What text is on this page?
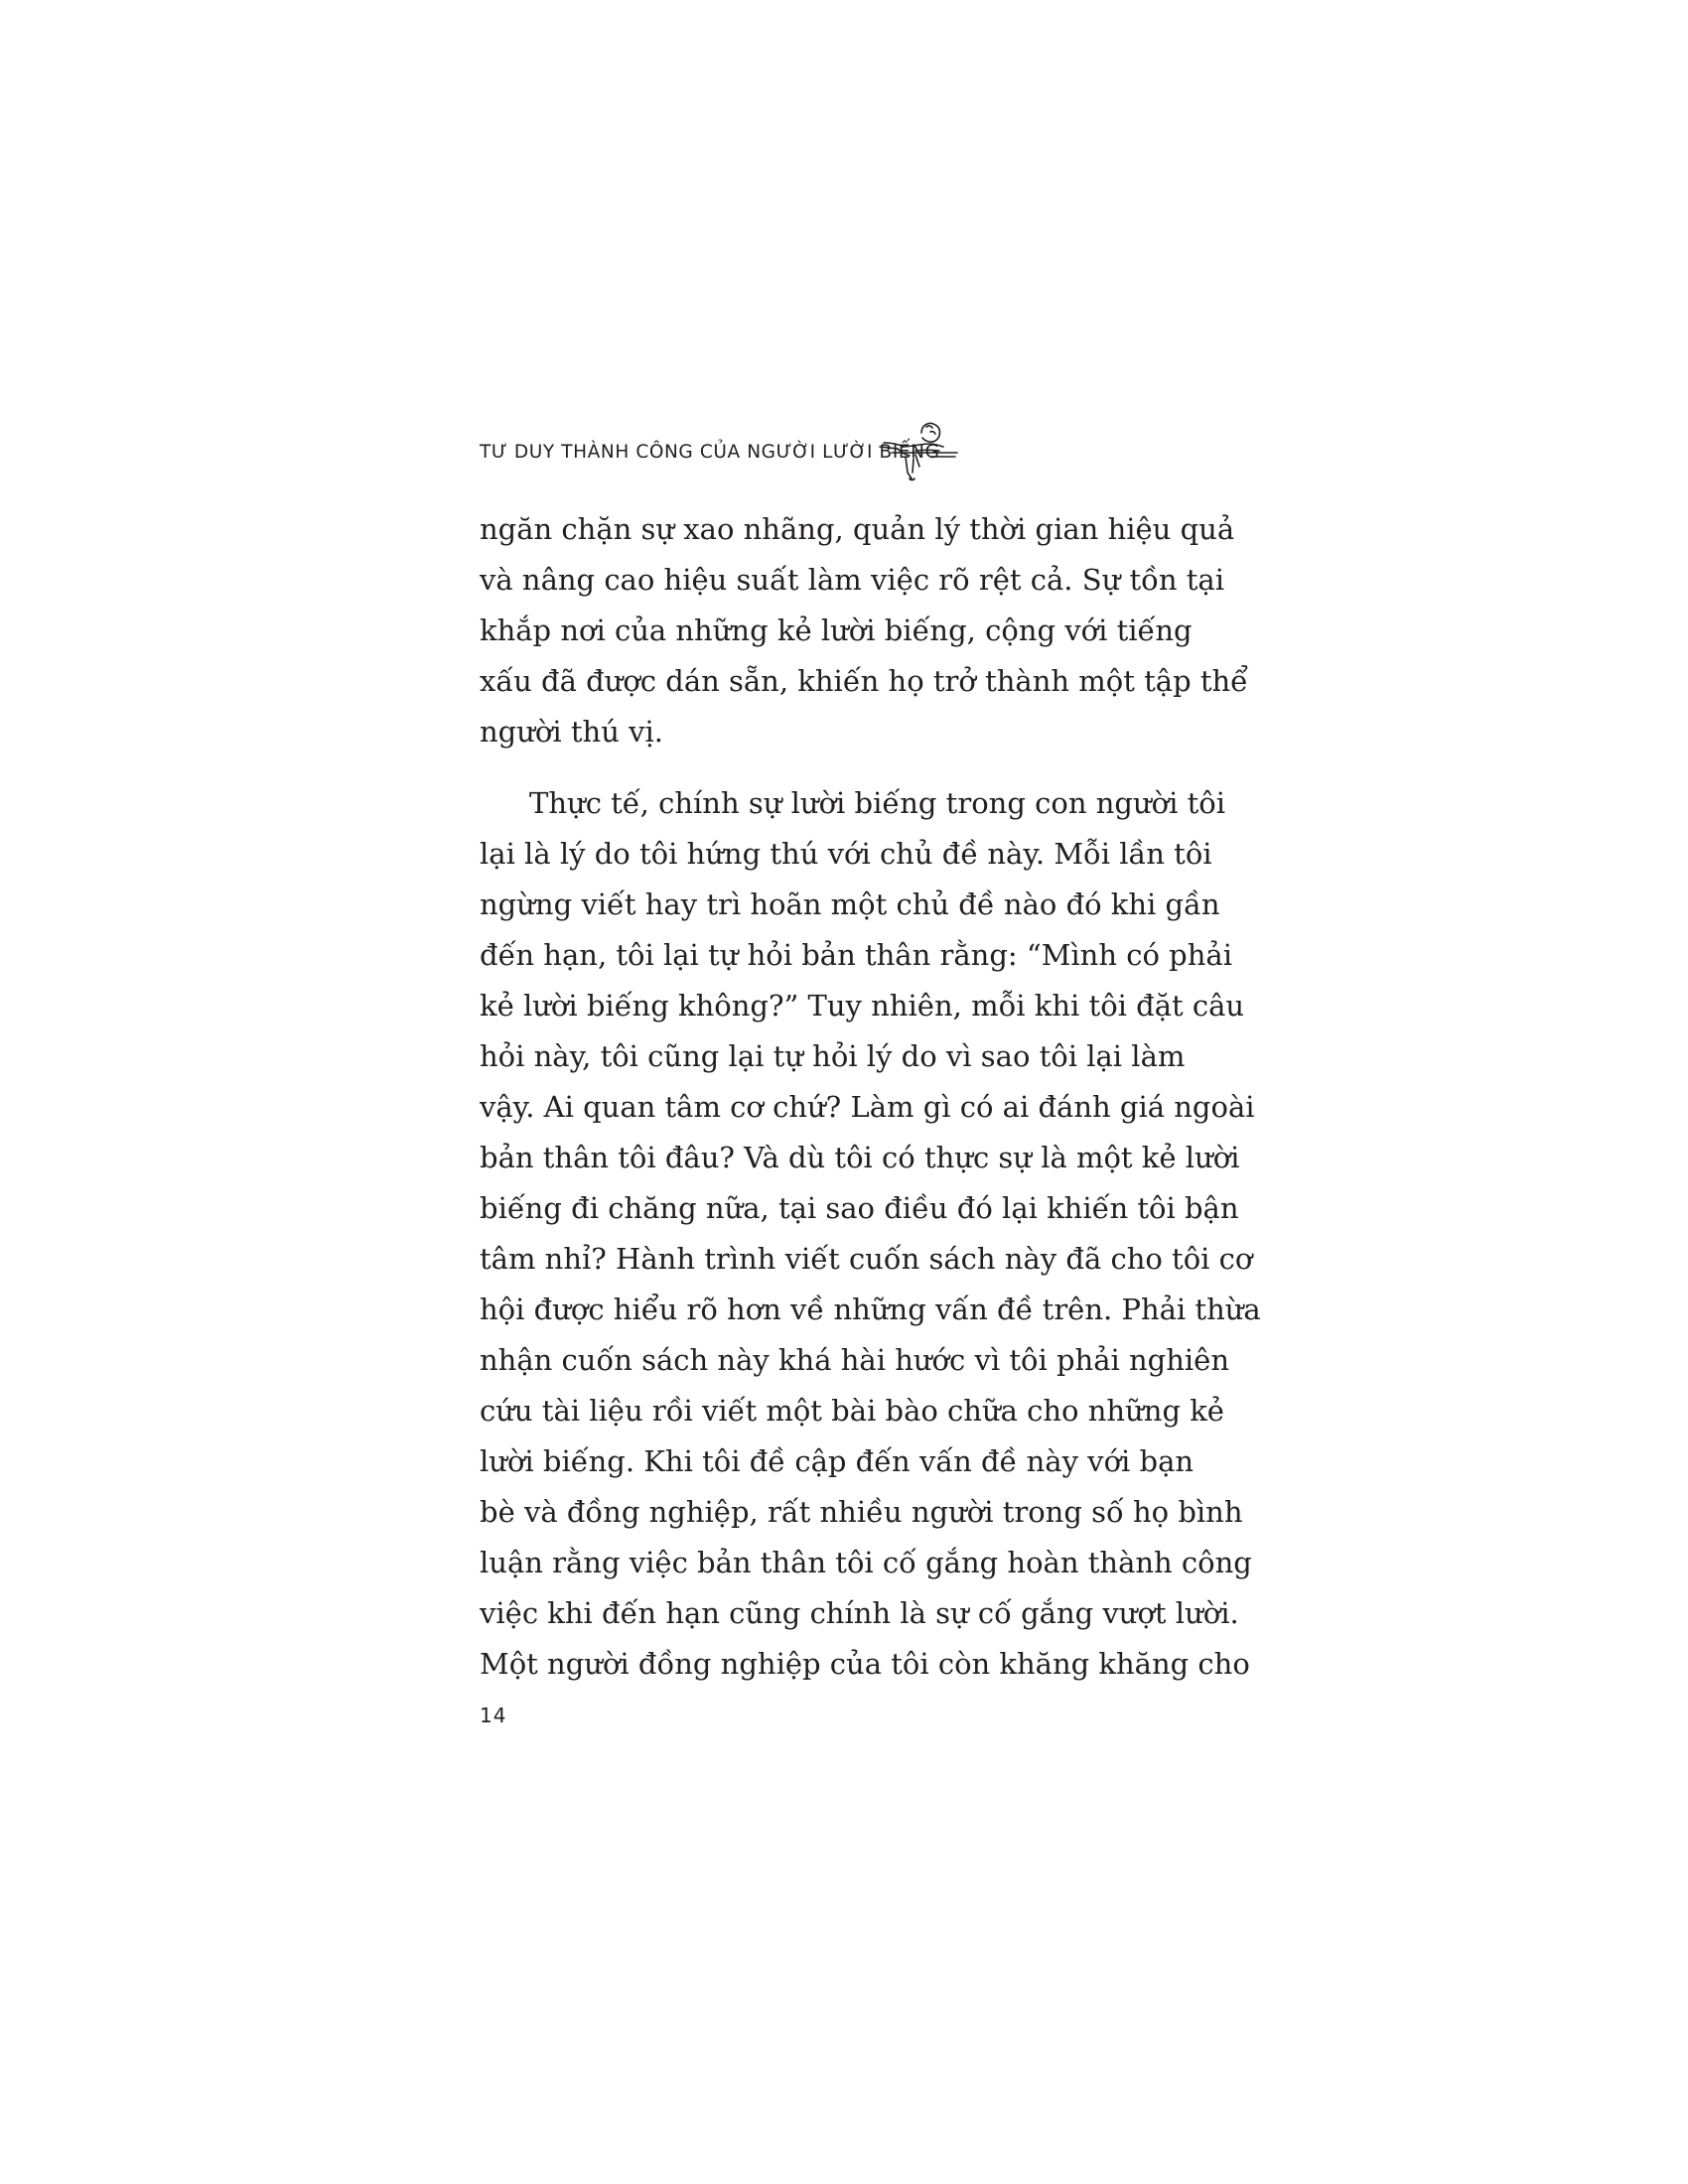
TƯ DUY THÀNH CÔNG CỦA NGƯỜI LƯỜI BIẾNG
ngăn chặn sự xao nhãng, quản lý thời gian hiệu quả
và nâng cao hiệu suất làm việc rõ rệt cả. Sự tồn tại
khắp nơi của những kẻ lười biếng, cộng với tiếng
xấu đã được dán sẵn, khiến họ trở thành một tập thể
người thú vị.
Thực tế, chính sự lười biếng trong con người tôi
lại là lý do tôi hứng thú với chủ đề này. Mỗi lần tôi
ngừng viết hay trì hoãn một chủ đề nào đó khi gần
đến hạn, tôi lại tự hỏi bản thân rằng: “Mình có phải
kẻ lười biếng không?” Tuy nhiên, mỗi khi tôi đặt câu
hỏi này, tôi cũng lại tự hỏi lý do vì sao tôi lại làm
vậy. Ai quan tâm cơ chứ? Làm gì có ai đánh giá ngoài
bản thân tôi đâu? Và dù tôi có thực sự là một kẻ lười
biếng đi chăng nữa, tại sao điều đó lại khiến tôi bận
tâm nhỉ? Hành trình viết cuốn sách này đã cho tôi cơ
hội được hiểu rõ hơn về những vấn đề trên. Phải thừa
nhận cuốn sách này khá hài hước vì tôi phải nghiên
cứu tài liệu rồi viết một bài bào chữa cho những kẻ
lười biếng. Khi tôi đề cập đến vấn đề này với bạn
bè và đồng nghiệp, rất nhiều người trong số họ bình
luận rằng việc bản thân tôi cố gắng hoàn thành công
việc khi đến hạn cũng chính là sự cố gắng vượt lười.
Một người đồng nghiệp của tôi còn khăng khăng cho
14
